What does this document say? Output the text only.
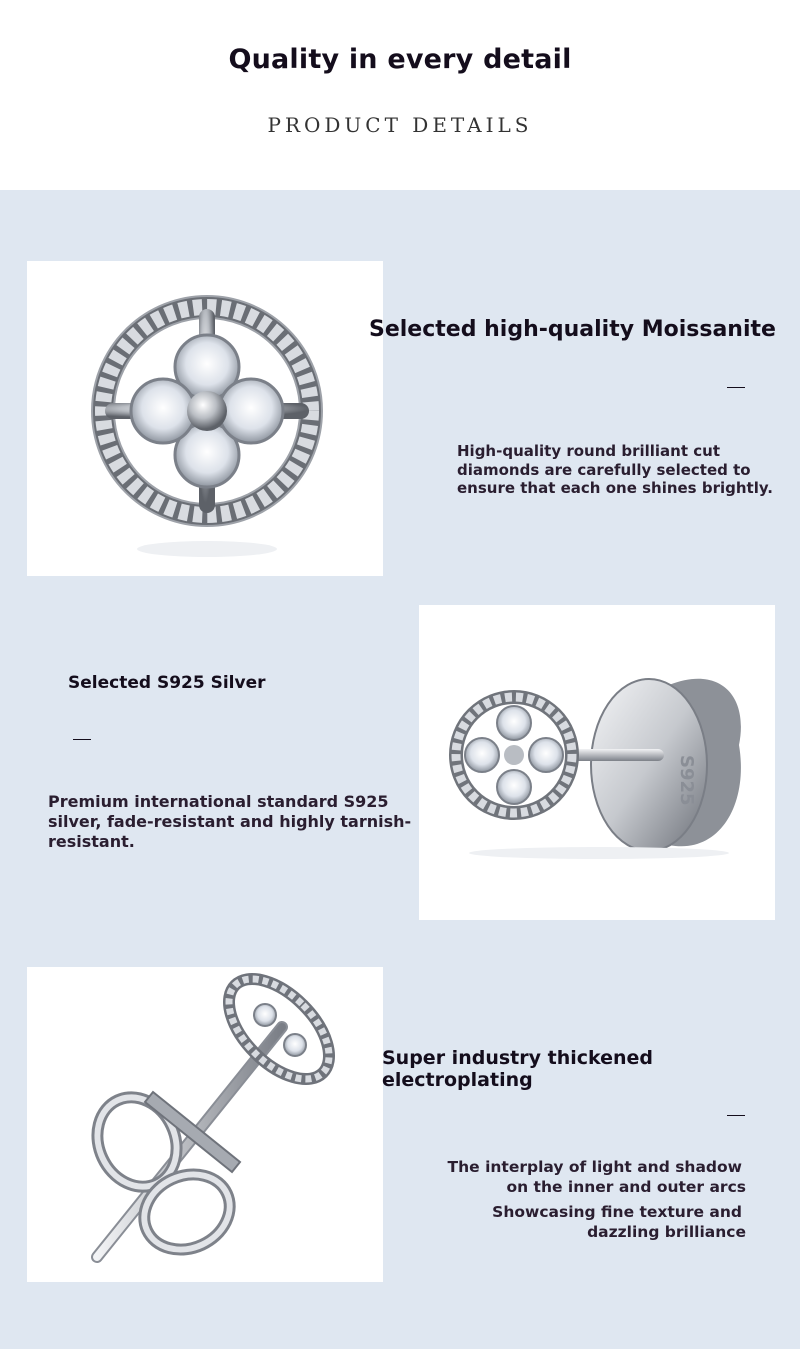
Quality in every detail
PRODUCT DETAILS
Selected high-quality Moissanite
High-quality round brilliant cut
diamonds are carefully selected to
ensure that each one shines brightly.
Selected S925 Silver
Premium international standard S925
silver, fade-resistant and highly tarnish-
resistant.
S925
Super industry thickened electroplating
The interplay of light and shadow
on the inner and outer arcs
Showcasing fine texture and
dazzling brilliance
